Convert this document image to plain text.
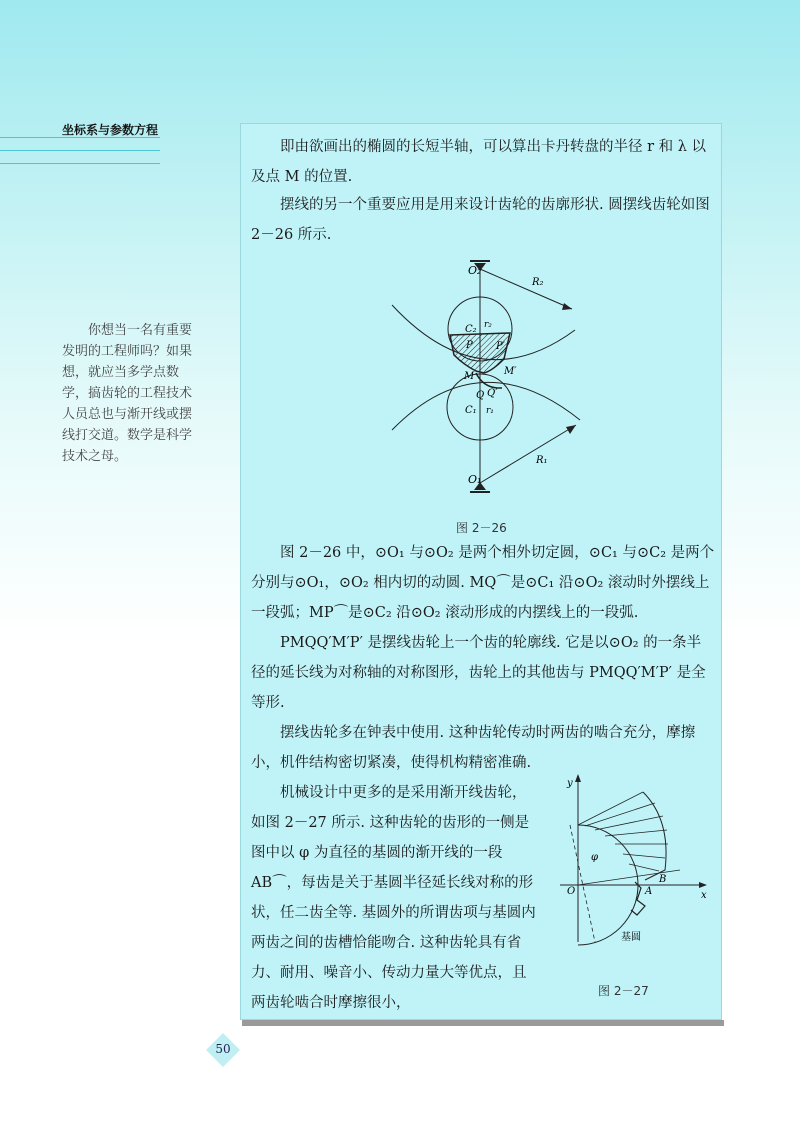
坐标系与参数方程
你想当一名有重要
发明的工程师吗？如果
想，就应当多学点数
学，搞齿轮的工程技术
人员总也与渐开线或摆
线打交道。数学是科学
技术之母。

即由欲画出的椭圆的长短半轴，可以算出卡丹转盘的半径 r 和 λ 以及点 M 的位置.

摆线的另一个重要应用是用来设计齿轮的齿廓形状. 圆摆线齿轮如图 2－26 所示.

O₂
R₂
C₂ r₂
P P′
M	M′
Q Q′
C₁ r₁
R₁
O₁
图 2－26

图 2－26 中，⊙O₁ 与⊙O₂ 是两个相外切定圆，⊙C₁ 与⊙C₂ 是两个分别与⊙O₁，⊙O₂ 相内切的动圆. MQ⌒是⊙C₁ 沿⊙O₂ 滚动时外摆线上一段弧；MP⌒是⊙C₂ 沿⊙O₂ 滚动形成的内摆线上的一段弧.

PMQQ′M′P′ 是摆线齿轮上一个齿的轮廓线. 它是以⊙O₂ 的一条半径的延长线为对称轴的对称图形，齿轮上的其他齿与 PMQQ′M′P′ 是全等形.

摆线齿轮多在钟表中使用. 这种齿轮传动时两齿的啮合充分，摩擦小，机件结构密切紧凑，使得机构精密准确.

机械设计中更多的是采用渐开线齿轮，如图 2－27 所示. 这种齿轮的齿形的一侧是图中以 φ 为直径的基圆的渐开线的一段 AB⌒，每齿是关于基圆半径延长线对称的形状，任二齿全等. 基圆外的所谓齿项与基圆内两齿之间的齿槽恰能吻合. 这种齿轮具有省力、耐用、噪音小、传动力量大等优点，且两齿轮啮合时摩擦很小，

y
x
O
φ
A
B
基圆
图 2－27
50
